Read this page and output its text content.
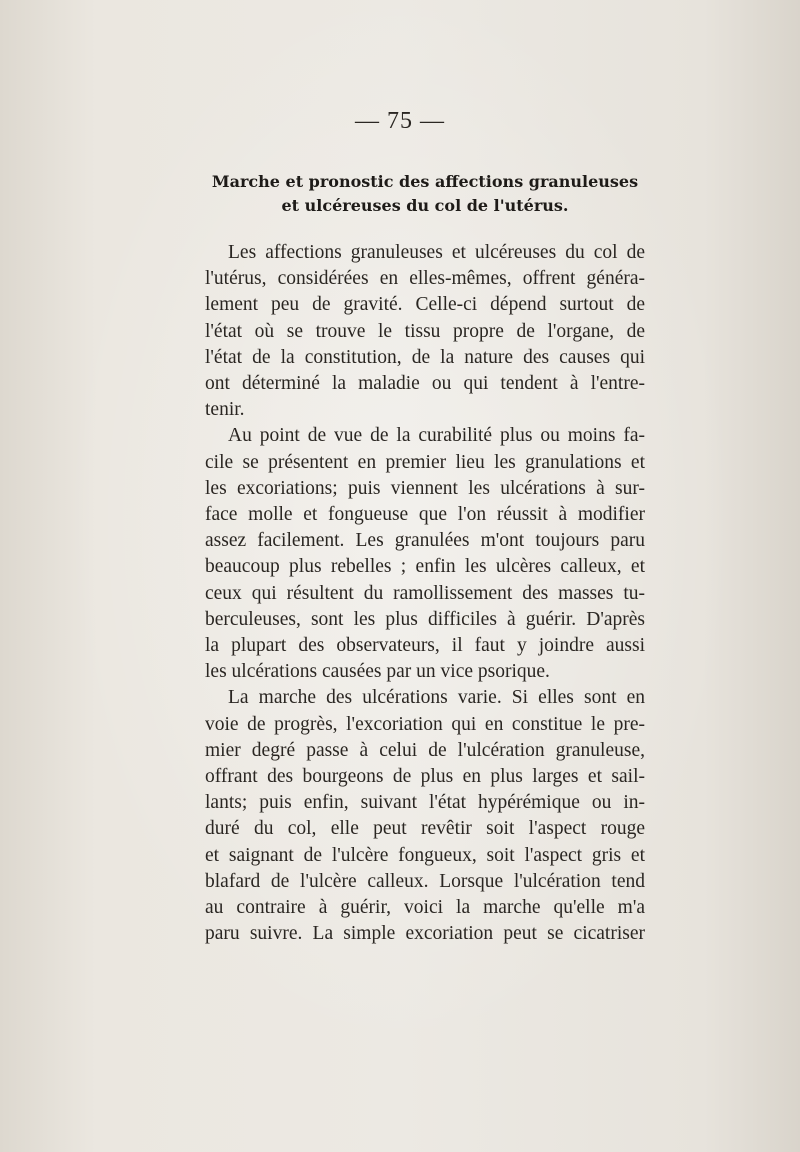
— 75 —
Marche et pronostic des affections granuleuses
et ulcéreuses du col de l'utérus.
Les affections granuleuses et ulcéreuses du col de
l'utérus, considérées en elles-mêmes, offrent généra-
lement peu de gravité. Celle-ci dépend surtout de
l'état où se trouve le tissu propre de l'organe, de
l'état de la constitution, de la nature des causes qui
ont déterminé la maladie ou qui tendent à l'entre-
tenir.
Au point de vue de la curabilité plus ou moins fa-
cile se présentent en premier lieu les granulations et
les excoriations; puis viennent les ulcérations à sur-
face molle et fongueuse que l'on réussit à modifier
assez facilement. Les granulées m'ont toujours paru
beaucoup plus rebelles ; enfin les ulcères calleux, et
ceux qui résultent du ramollissement des masses tu-
berculeuses, sont les plus difficiles à guérir. D'après
la plupart des observateurs, il faut y joindre aussi
les ulcérations causées par un vice psorique.
La marche des ulcérations varie. Si elles sont en
voie de progrès, l'excoriation qui en constitue le pre-
mier degré passe à celui de l'ulcération granuleuse,
offrant des bourgeons de plus en plus larges et sail-
lants; puis enfin, suivant l'état hypérémique ou in-
duré du col, elle peut revêtir soit l'aspect rouge
et saignant de l'ulcère fongueux, soit l'aspect gris et
blafard de l'ulcère calleux. Lorsque l'ulcération tend
au contraire à guérir, voici la marche qu'elle m'a
paru suivre. La simple excoriation peut se cicatriser
